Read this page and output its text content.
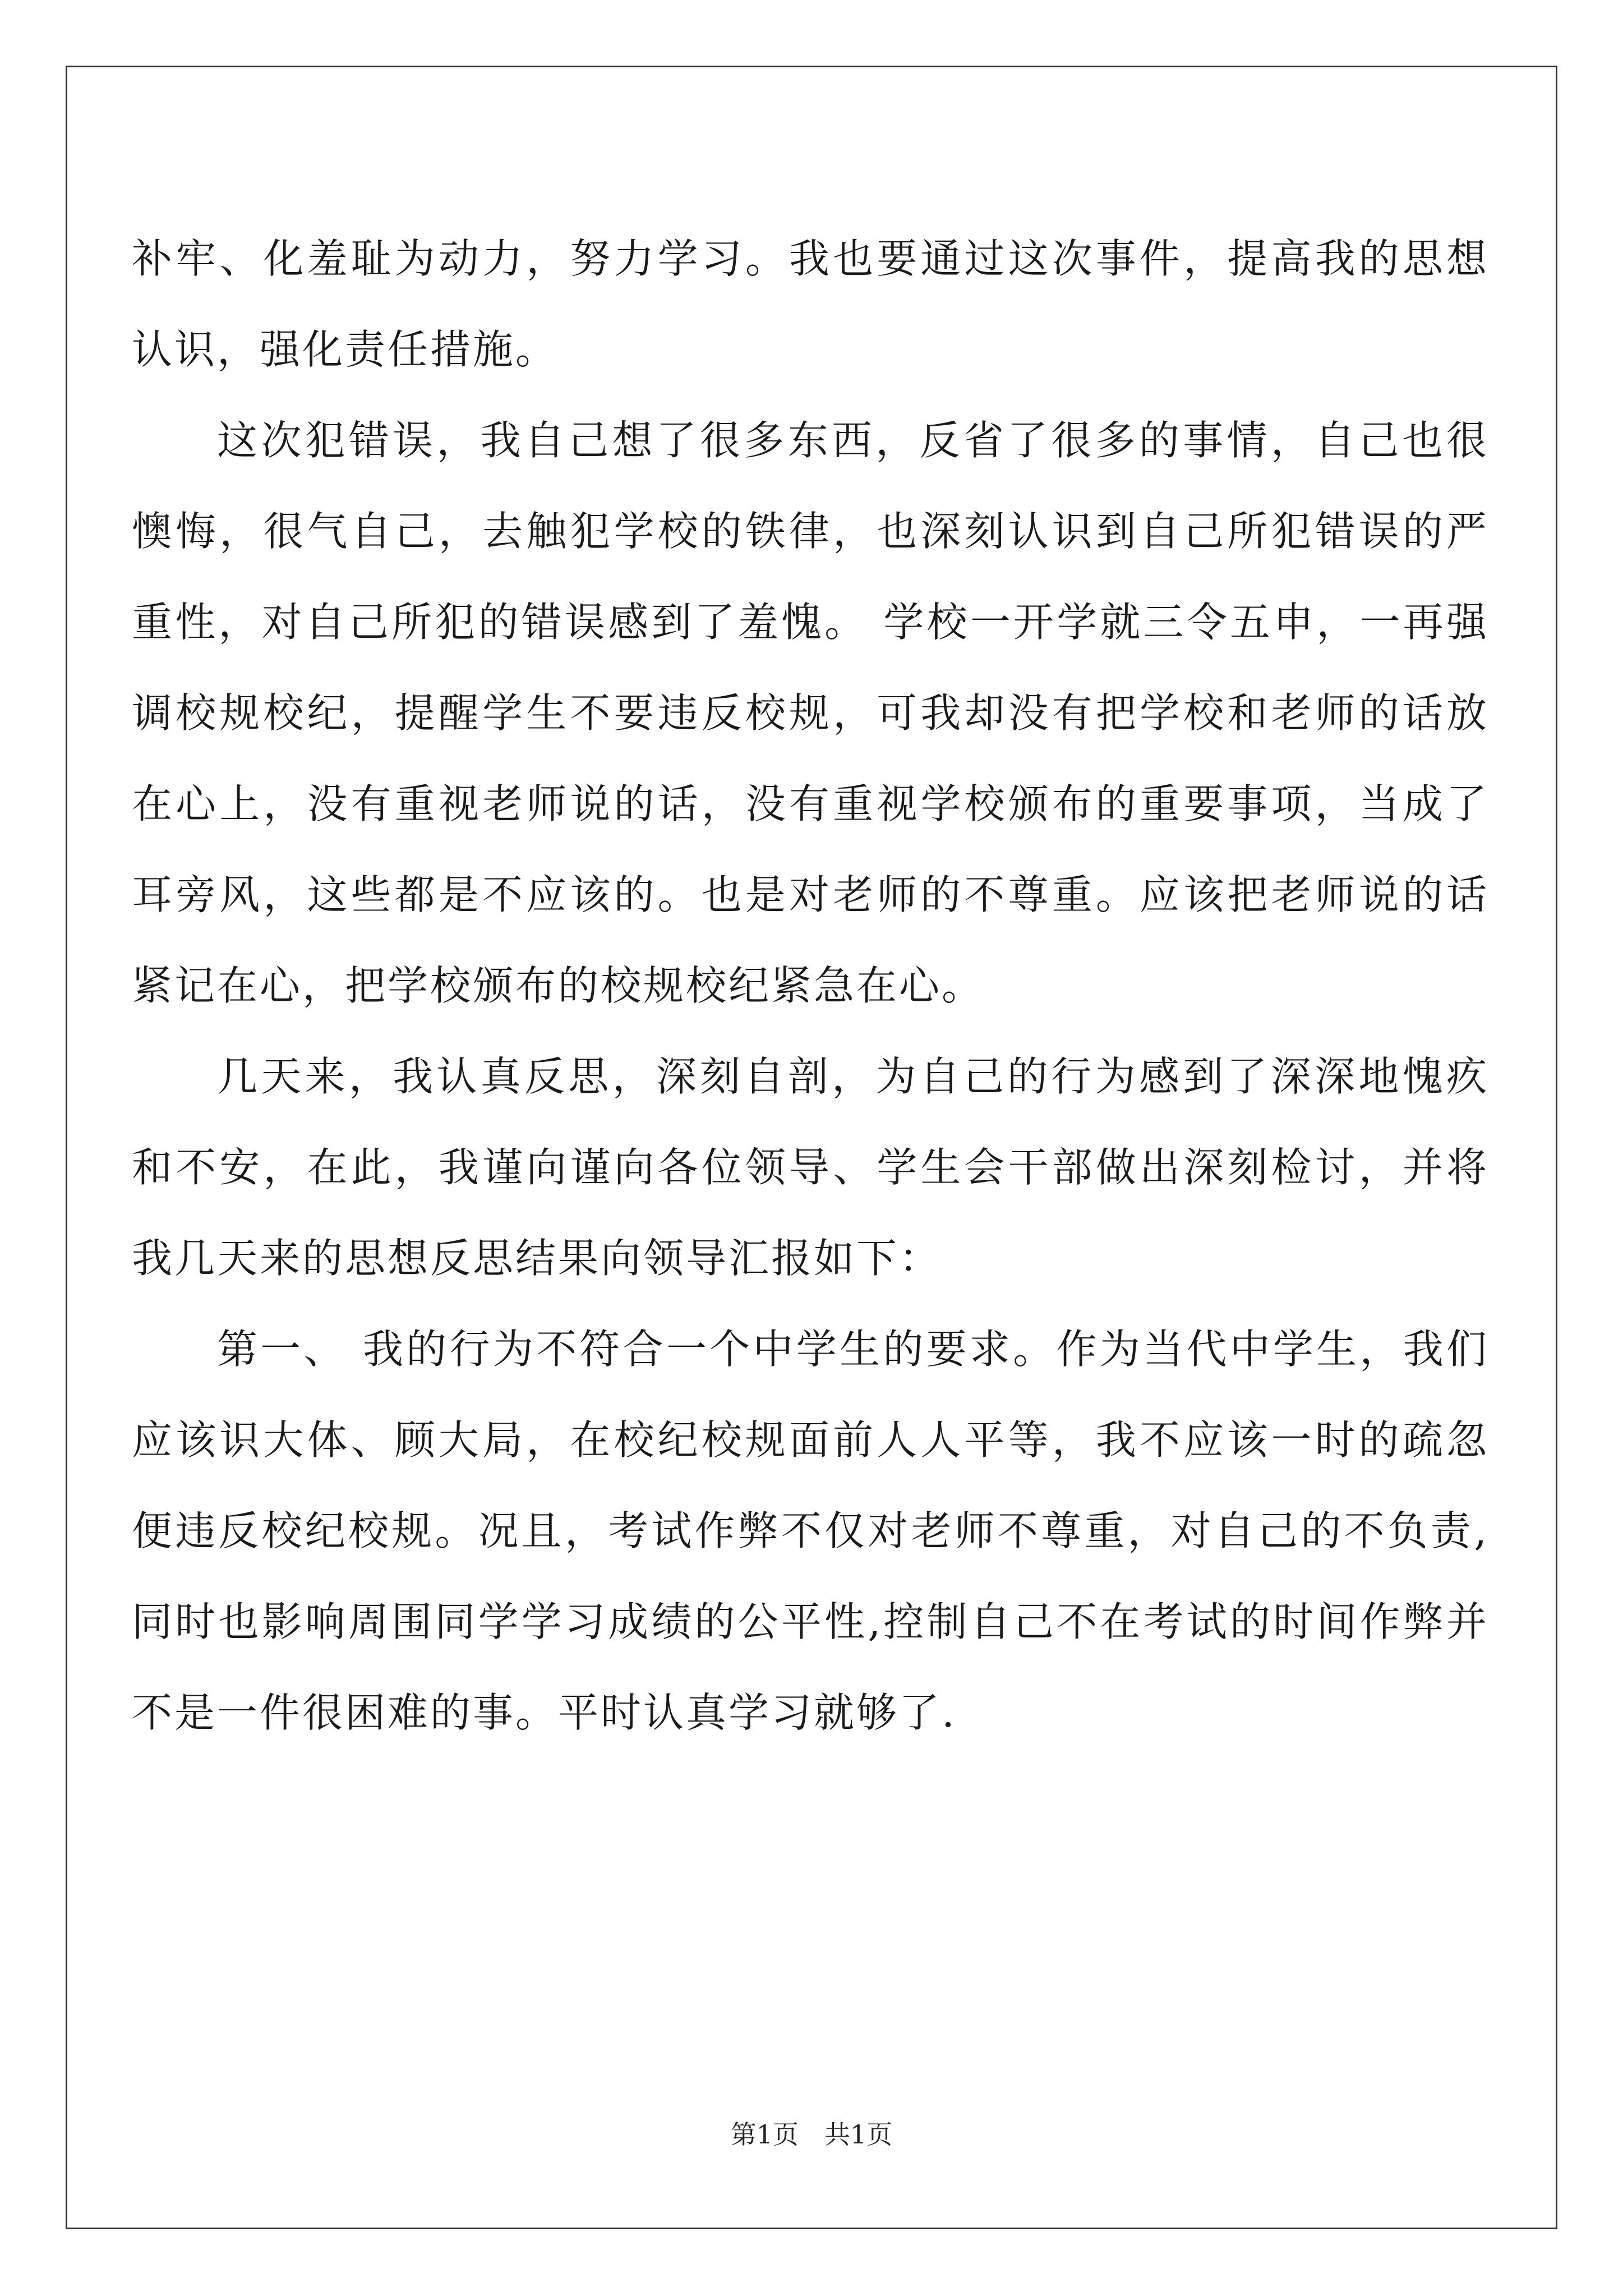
补牢、化羞耻为动力，努力学习。我也要通过这次事件，提高我的思想认识，强化责任措施。

这次犯错误，我自己想了很多东西，反省了很多的事情，自己也很懊悔，很气自己，去触犯学校的铁律，也深刻认识到自己所犯错误的严重性，对自己所犯的错误感到了羞愧。 学校一开学就三令五申，一再强调校规校纪，提醒学生不要违反校规，可我却没有把学校和老师的话放在心上，没有重视老师说的话，没有重视学校颁布的重要事项，当成了耳旁风，这些都是不应该的。也是对老师的不尊重。应该把老师说的话紧记在心，把学校颁布的校规校纪紧急在心。

几天来，我认真反思，深刻自剖，为自己的行为感到了深深地愧疚和不安，在此，我谨向谨向各位领导、学生会干部做出深刻检讨，并将我几天来的思想反思结果向领导汇报如下：

第一、 我的行为不符合一个中学生的要求。作为当代中学生，我们应该识大体、顾大局，在校纪校规面前人人平等，我不应该一时的疏忽便违反校纪校规。况且，考试作弊不仅对老师不尊重，对自己的不负责,同时也影响周围同学学习成绩的公平性,控制自己不在考试的时间作弊并不是一件很困难的事。平时认真学习就够了.

第1页　共1页
